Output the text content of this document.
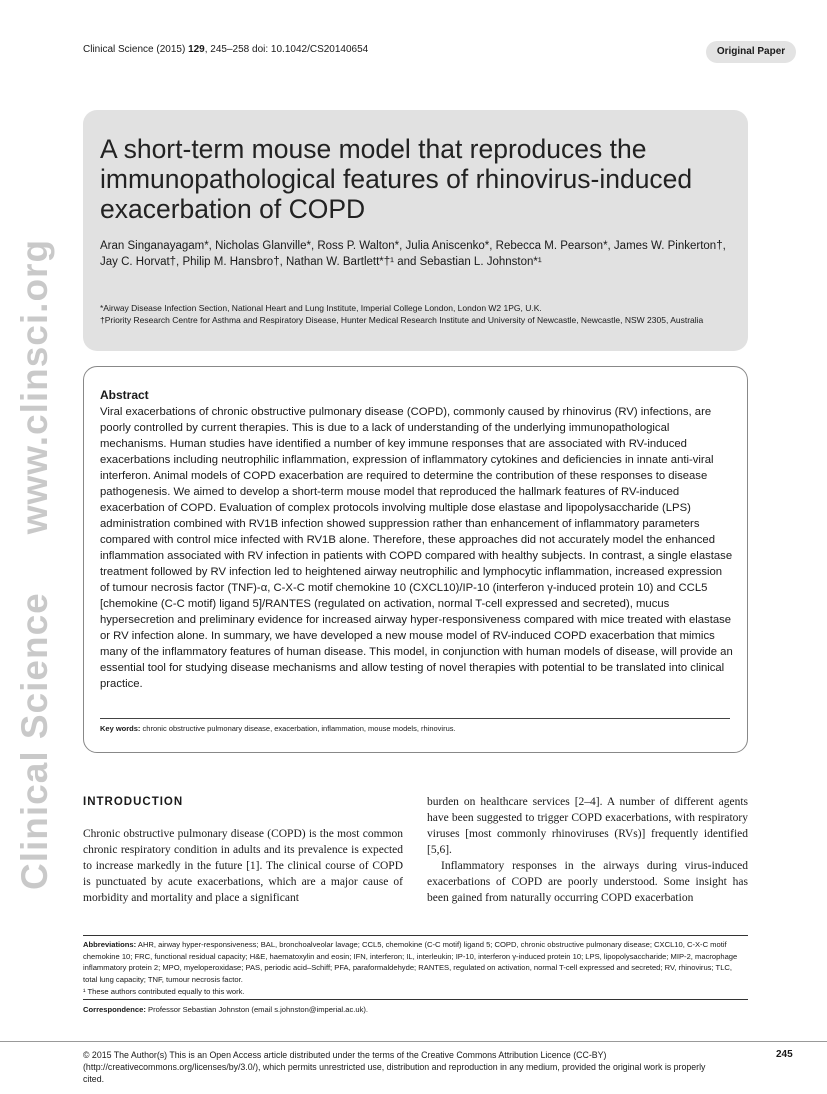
Clinical Science (2015) 129, 245–258 doi: 10.1042/CS20140654	Original Paper
Clinical Sciencewww.clinsci.org
A short-term mouse model that reproduces the immunopathological features of rhinovirus-induced exacerbation of COPD
Aran Singanayagam*, Nicholas Glanville*, Ross P. Walton*, Julia Aniscenko*, Rebecca M. Pearson*, James W. Pinkerton†, Jay C. Horvat†, Philip M. Hansbro†, Nathan W. Bartlett*†¹ and Sebastian L. Johnston*¹
*Airway Disease Infection Section, National Heart and Lung Institute, Imperial College London, London W2 1PG, U.K.
†Priority Research Centre for Asthma and Respiratory Disease, Hunter Medical Research Institute and University of Newcastle, Newcastle, NSW 2305, Australia
Abstract
Viral exacerbations of chronic obstructive pulmonary disease (COPD), commonly caused by rhinovirus (RV) infections, are poorly controlled by current therapies. This is due to a lack of understanding of the underlying immunopathological mechanisms. Human studies have identified a number of key immune responses that are associated with RV-induced exacerbations including neutrophilic inflammation, expression of inflammatory cytokines and deficiencies in innate anti-viral interferon. Animal models of COPD exacerbation are required to determine the contribution of these responses to disease pathogenesis. We aimed to develop a short-term mouse model that reproduced the hallmark features of RV-induced exacerbation of COPD. Evaluation of complex protocols involving multiple dose elastase and lipopolysaccharide (LPS) administration combined with RV1B infection showed suppression rather than enhancement of inflammatory parameters compared with control mice infected with RV1B alone. Therefore, these approaches did not accurately model the enhanced inflammation associated with RV infection in patients with COPD compared with healthy subjects. In contrast, a single elastase treatment followed by RV infection led to heightened airway neutrophilic and lymphocytic inflammation, increased expression of tumour necrosis factor (TNF)-α, C-X-C motif chemokine 10 (CXCL10)/IP-10 (interferon γ-induced protein 10) and CCL5 [chemokine (C-C motif) ligand 5]/RANTES (regulated on activation, normal T-cell expressed and secreted), mucus hypersecretion and preliminary evidence for increased airway hyper-responsiveness compared with mice treated with elastase or RV infection alone. In summary, we have developed a new mouse model of RV-induced COPD exacerbation that mimics many of the inflammatory features of human disease. This model, in conjunction with human models of disease, will provide an essential tool for studying disease mechanisms and allow testing of novel therapies with potential to be translated into clinical practice.
Key words: chronic obstructive pulmonary disease, exacerbation, inflammation, mouse models, rhinovirus.
INTRODUCTION
Chronic obstructive pulmonary disease (COPD) is the most common chronic respiratory condition in adults and its prevalence is expected to increase markedly in the future [1]. The clinical course of COPD is punctuated by acute exacerbations, which are a major cause of morbidity and mortality and place a significant
burden on healthcare services [2–4]. A number of different agents have been suggested to trigger COPD exacerbations, with respiratory viruses [most commonly rhinoviruses (RVs)] frequently identified [5,6].
Inflammatory responses in the airways during virus-induced exacerbations of COPD are poorly understood. Some insight has been gained from naturally occurring COPD exacerbation
Abbreviations: AHR, airway hyper-responsiveness; BAL, bronchoalveolar lavage; CCL5, chemokine (C-C motif) ligand 5; COPD, chronic obstructive pulmonary disease; CXCL10, C-X-C motif chemokine 10; FRC, functional residual capacity; H&E, haematoxylin and eosin; IFN, interferon; IL, interleukin; IP-10, interferon γ-induced protein 10; LPS, lipopolysaccharide; MIP-2, macrophage inflammatory protein 2; MPO, myeloperoxidase; PAS, periodic acid–Schiff; PFA, paraformaldehyde; RANTES, regulated on activation, normal T-cell expressed and secreted; RV, rhinovirus; TLC, total lung capacity; TNF, tumour necrosis factor.
¹ These authors contributed equally to this work.
Correspondence: Professor Sebastian Johnston (email s.johnston@imperial.ac.uk).
© 2015 The Author(s) This is an Open Access article distributed under the terms of the Creative Commons Attribution Licence (CC-BY) (http://creativecommons.org/licenses/by/3.0/), which permits unrestricted use, distribution and reproduction in any medium, provided the original work is properly cited.
245
